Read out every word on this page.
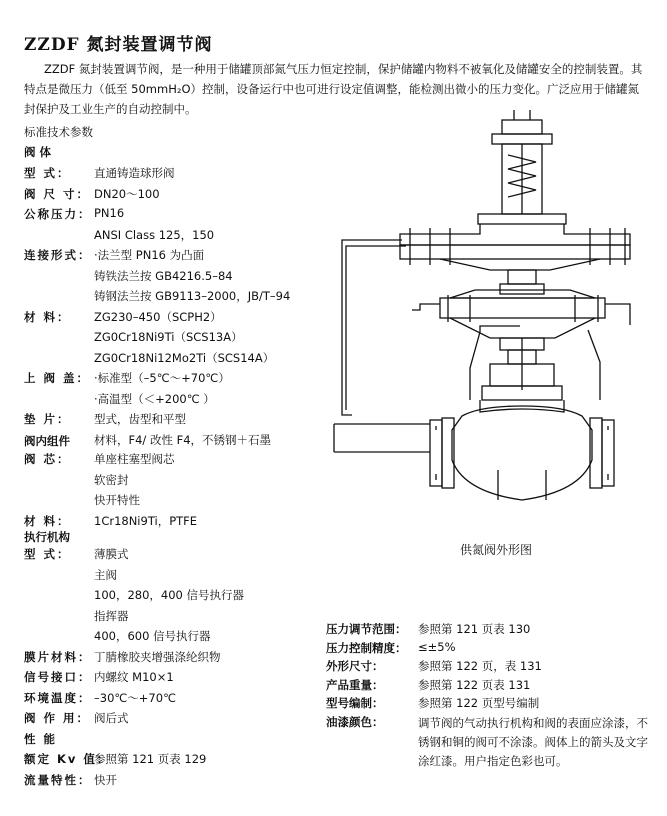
ZZDF 氮封装置调节阀

ZZDF 氮封装置调节阀，是一种用于储罐顶部氮气压力恒定控制，保护储罐内物料不被氧化及储罐安全的控制装置。其特点是微压力（低至 50mmH₂O）控制，设备运行中也可进行设定值调整，能检测出微小的压力变化。广泛应用于储罐氮封保护及工业生产的自动控制中。

标准技术参数
阀 体
型 式： 直通铸造球形阀
阀 尺 寸： DN20～100
公称压力： PN16
ANSI Class 125，150
连接形式： ·法兰型 PN16 为凸面
铸铁法兰按 GB4216.5–84
铸钢法兰按 GB9113–2000，JB/T–94
材 料： ZG230–450（SCPH2）
ZG0Cr18Ni9Ti（SCS13A）
ZG0Cr18Ni12Mo2Ti（SCS14A）
上 阀 盖： ·标准型（–5℃～+70℃）
·高温型（＜+200℃ ）
垫 片： 型式，齿型和平型
材料，F4/ 改性 F4，不锈钢＋石墨
阀内组件
阀 芯： 单座柱塞型阀芯
软密封
快开特性
材 料： 1Cr18Ni9Ti，PTFE
执行机构
型 式： 薄膜式
主阀
100，280，400 信号执行器
指挥器
400，600 信号执行器
膜片材料： 丁腈橡胶夹增强涤纶织物
信号接口： 内螺纹 M10×1
环境温度： –30℃～+70℃
阀 作 用： 阀后式
性 能
额定 Kv 值：
参照第 121 页表 129
流量特性： 快开
供氮阀外形图
压力调节范围： 参照第 121 页表 130
压力控制精度： ≤±5%
外形尺寸：	参照第 122 页，表 131
产品重量：	参照第 122 页表 131
型号编制：	参照第 122 页型号编制
油漆颜色：	调节阀的气动执行机构和阀的表面应涂漆，不锈钢和铜的阀可不涂漆。阀体上的箭头及文字涂红漆。用户指定色彩也可。
